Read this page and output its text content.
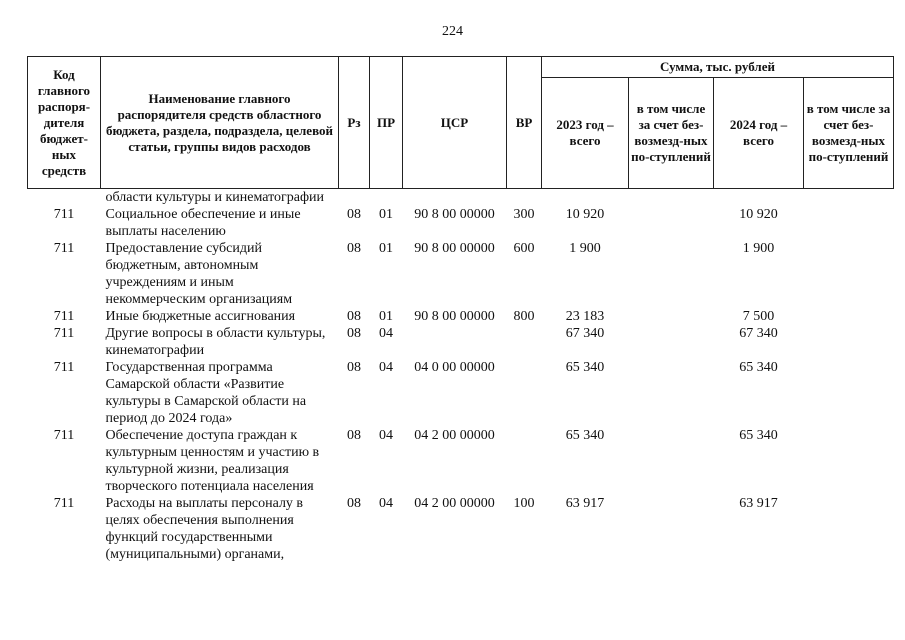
224
Код главного распоря-дителя бюджет-ных средств	Наименование главного распорядителя средств областного бюджета, раздела, подраздела, целевой статьи, группы видов расходов	Рз	ПР	ЦСР	ВР	Сумма, тыс. рублей			
						2023 год – всего	в том числе за счет без-возмезд-ных по-ступлений	2024 год – всего	в том числе за счет без-возмезд-ных по-ступлений
	области культуры и кинематографии								
711	Социальное обеспечение и иные выплаты населению	08	01	90 8 00 00000	300	10 920		10 920	
711	Предоставление субсидий бюджетным, автономным учреждениям и иным некоммерческим организациям	08	01	90 8 00 00000	600	1 900		1 900	
711	Иные бюджетные ассигнования	08	01	90 8 00 00000	800	23 183		7 500	
711	Другие вопросы в области культуры, кинематографии	08	04			67 340		67 340	
711	Государственная программа Самарской области «Развитие культуры в Самарской области на период до 2024 года»	08	04	04 0 00 00000		65 340		65 340	
711	Обеспечение доступа граждан к культурным ценностям и участию в культурной жизни, реализация творческого потенциала населения	08	04	04 2 00 00000		65 340		65 340	
711	Расходы на выплаты персоналу в целях обеспечения выполнения функций государственными (муниципальными) органами,	08	04	04 2 00 00000	100	63 917		63 917	
